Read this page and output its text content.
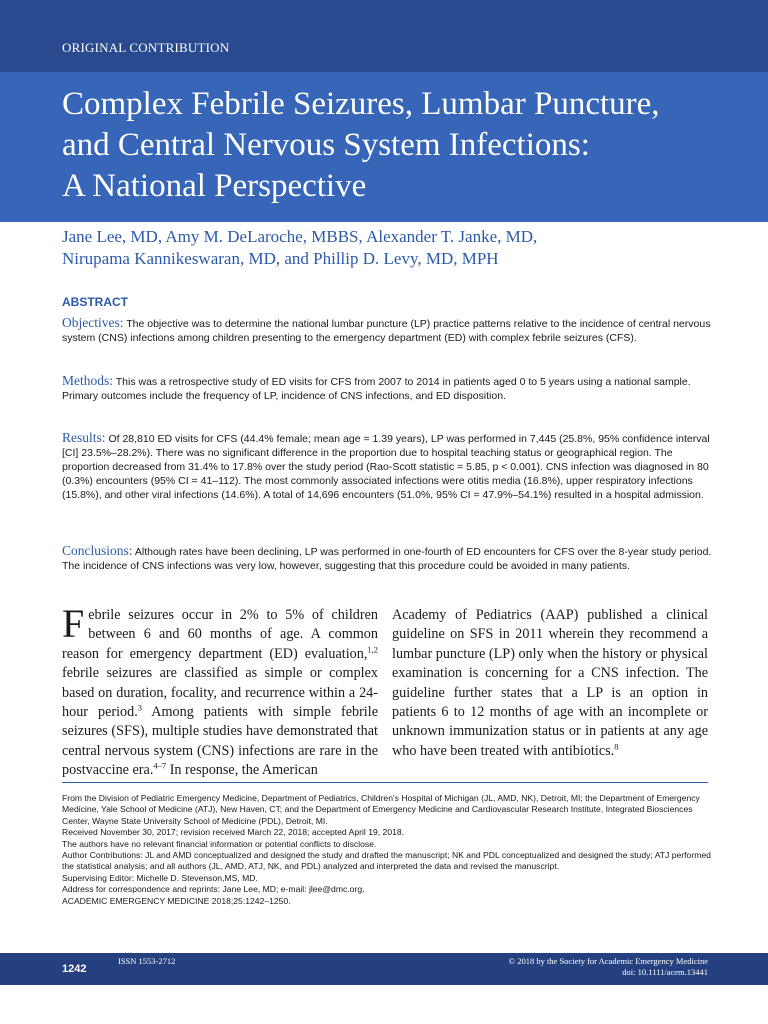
ORIGINAL CONTRIBUTION
Complex Febrile Seizures, Lumbar Puncture,
and Central Nervous System Infections:
A National Perspective
Jane Lee, MD, Amy M. DeLaroche, MBBS, Alexander T. Janke, MD,
Nirupama Kannikeswaran, MD, and Phillip D. Levy, MD, MPH
ABSTRACT
Objectives: The objective was to determine the national lumbar puncture (LP) practice patterns relative to the incidence of central nervous system (CNS) infections among children presenting to the emergency department (ED) with complex febrile seizures (CFS).
Methods: This was a retrospective study of ED visits for CFS from 2007 to 2014 in patients aged 0 to 5 years using a national sample. Primary outcomes include the frequency of LP, incidence of CNS infections, and ED disposition.
Results: Of 28,810 ED visits for CFS (44.4% female; mean age = 1.39 years), LP was performed in 7,445 (25.8%, 95% confidence interval [CI] 23.5%–28.2%). There was no significant difference in the proportion due to hospital teaching status or geographical region. The proportion decreased from 31.4% to 17.8% over the study period (Rao-Scott statistic = 5.85, p < 0.001). CNS infection was diagnosed in 80 (0.3%) encounters (95% CI = 41–112). The most commonly associated infections were otitis media (16.8%), upper respiratory infections (15.8%), and other viral infections (14.6%). A total of 14,696 encounters (51.0%, 95% CI = 47.9%–54.1%) resulted in a hospital admission.
Conclusions: Although rates have been declining, LP was performed in one-fourth of ED encounters for CFS over the 8-year study period. The incidence of CNS infections was very low, however, suggesting that this procedure could be avoided in many patients.
Febrile seizures occur in 2% to 5% of children between 6 and 60 months of age. A common reason for emergency department (ED) evaluation,$^{1,2}$ febrile seizures are classified as simple or complex based on duration, focality, and recurrence within a 24-hour period.$^3$ Among patients with simple febrile seizures (SFS), multiple studies have demonstrated that central nervous system (CNS) infections are rare in the postvaccine era.$^{4-7}$ In response, the American
Academy of Pediatrics (AAP) published a clinical guideline on SFS in 2011 wherein they recommend a lumbar puncture (LP) only when the history or physical examination is concerning for a CNS infection. The guideline further states that a LP is an option in patients 6 to 12 months of age with an incomplete or unknown immunization status or in patients at any age who have been treated with antibiotics.$^8$

From the Division of Pediatric Emergency Medicine, Department of Pediatrics, Children's Hospital of Michigan (JL, AMD, NK), Detroit, MI; the Department of Emergency Medicine, Yale School of Medicine (ATJ), New Haven, CT; and the Department of Emergency Medicine and Cardiovascular Research Institute, Integrated Biosciences Center, Wayne State University School of Medicine (PDL), Detroit, MI.

Received November 30, 2017; revision received March 22, 2018; accepted April 19, 2018.

The authors have no relevant financial information or potential conflicts to disclose.

Author Contributions: JL and AMD conceptualized and designed the study and drafted the manuscript; NK and PDL conceptualized and designed the study; ATJ performed the statistical analysis; and all authors (JL, AMD, ATJ, NK, and PDL) analyzed and interpreted the data and revised the manuscript.

Supervising Editor: Michelle D. Stevenson,MS, MD.

Address for correspondence and reprints: Jane Lee, MD; e-mail: jlee@dmc.org.

ACADEMIC EMERGENCY MEDICINE 2018;25:1242–1250.

1242
ISSN 1553-2712	© 2018 by the Society for Academic Emergency Medicine
doi: 10.1111/acem.13441
